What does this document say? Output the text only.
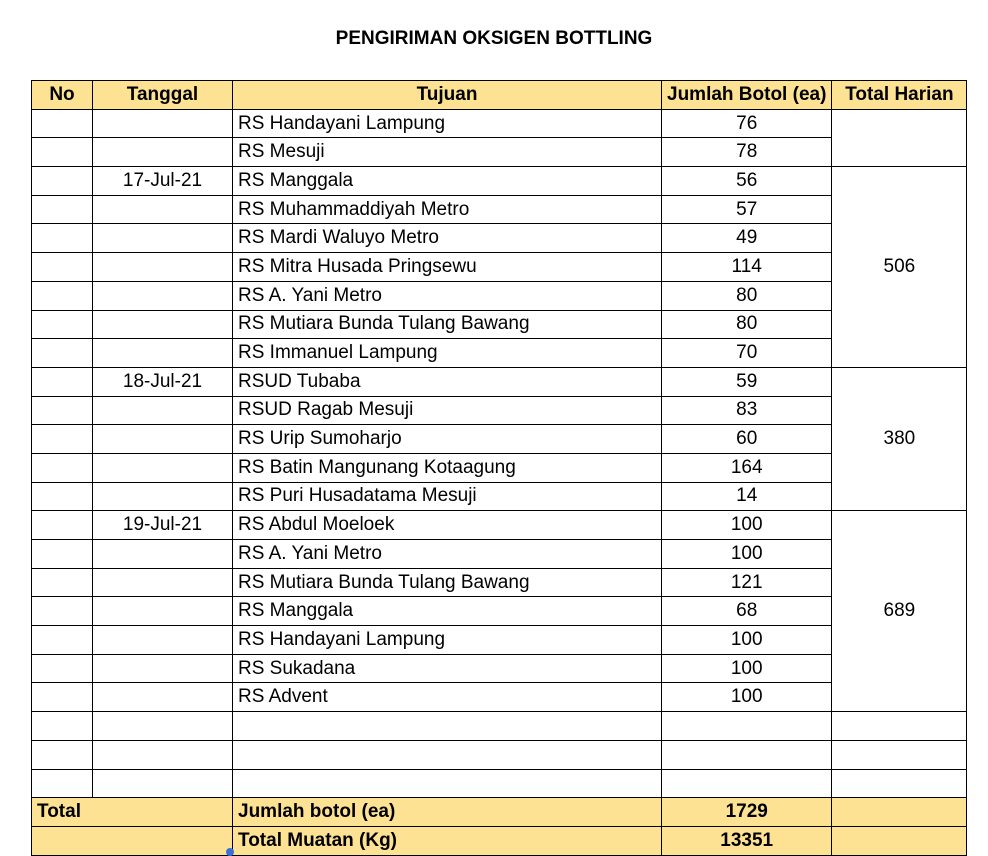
PENGIRIMAN OKSIGEN BOTTLING
No	Tanggal	Tujuan	Jumlah Botol (ea)	Total Harian
		RS Handayani Lampung	76	
		RS Mesuji	78	
	17-Jul-21	RS Manggala	56	506
		RS Muhammaddiyah Metro	57	
		RS Mardi Waluyo Metro	49	
		RS Mitra Husada Pringsewu	114	
		RS A. Yani Metro	80	
		RS Mutiara Bunda Tulang Bawang	80	
		RS Immanuel Lampung	70	
	18-Jul-21	RSUD Tubaba	59	380
		RSUD Ragab Mesuji	83	
		RS Urip Sumoharjo	60	
		RS Batin Mangunang Kotaagung	164	
		RS Puri Husadatama Mesuji	14	
	19-Jul-21	RS Abdul Moeloek	100	689
		RS A. Yani Metro	100	
		RS Mutiara Bunda Tulang Bawang	121	
		RS Manggala	68	
		RS Handayani Lampung	100	
		RS Sukadana	100	
		RS Advent	100	

Total		Jumlah botol (ea)	1729	
		Total Muatan (Kg)	13351	
